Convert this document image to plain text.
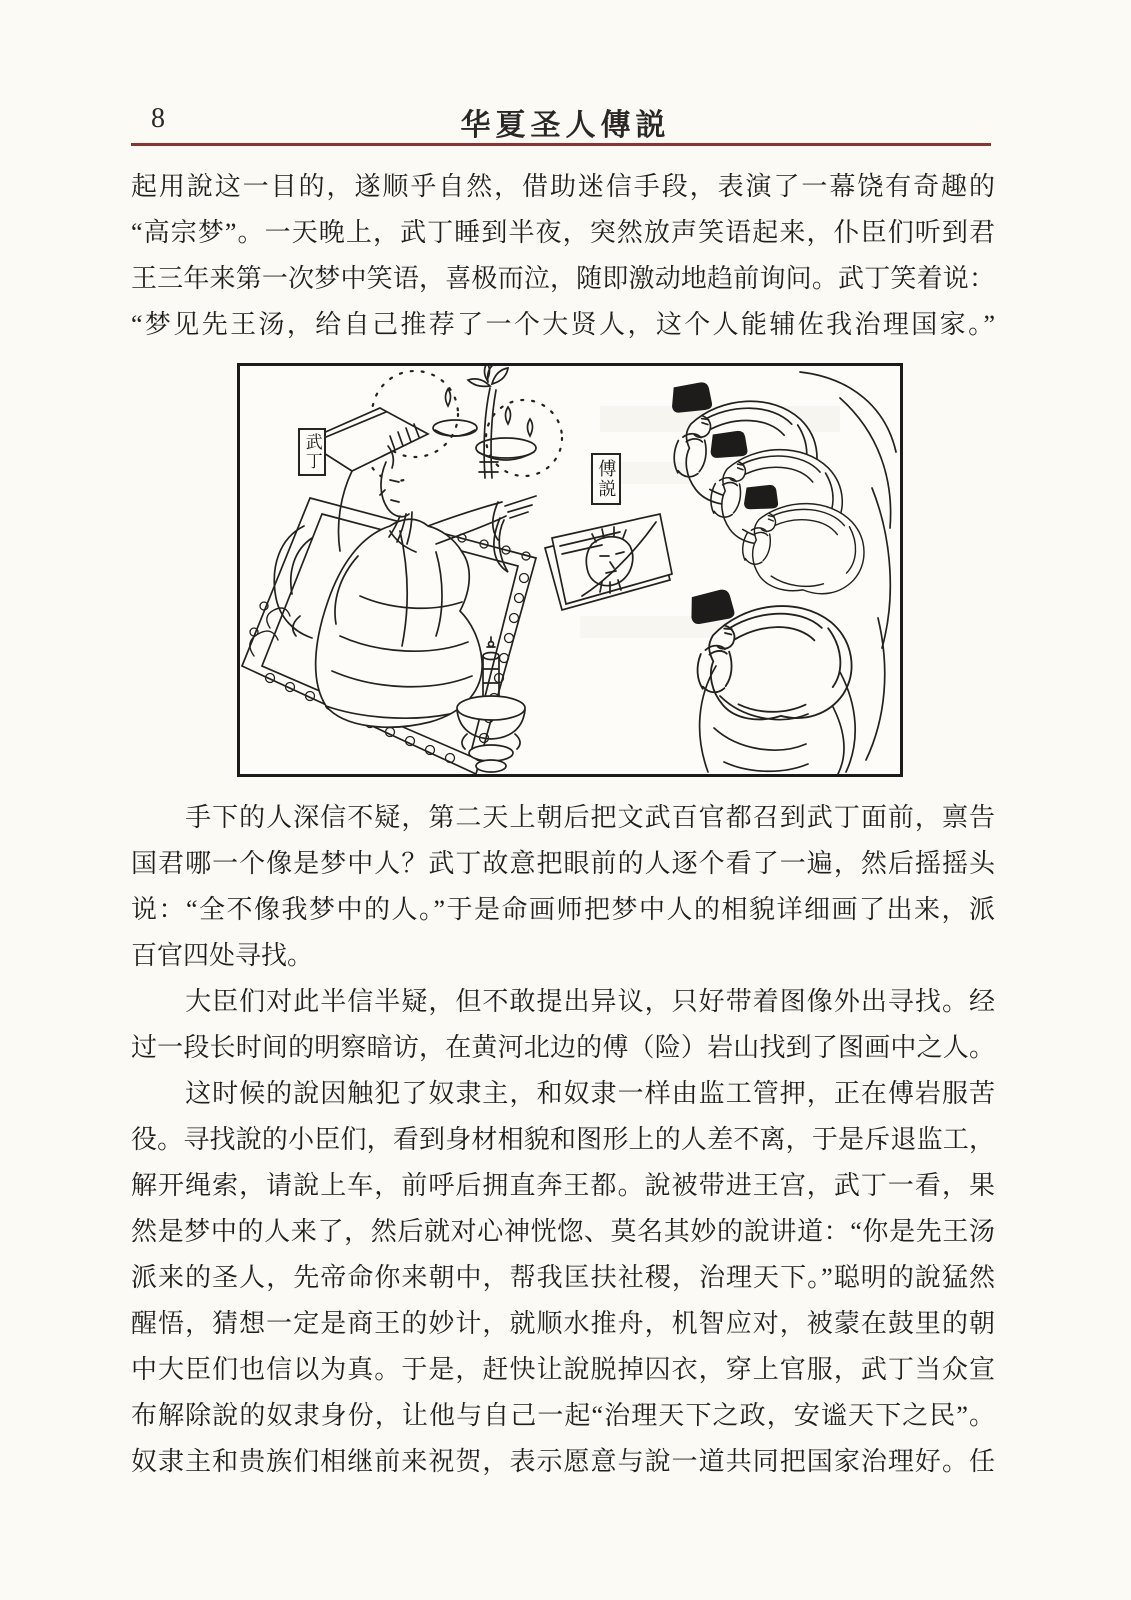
8	华夏圣人傳説
起用說这一目的，遂顺乎自然，借助迷信手段，表演了一幕饶有奇趣的
“高宗梦”。一天晚上，武丁睡到半夜，突然放声笑语起来，仆臣们听到君
王三年来第一次梦中笑语，喜极而泣，随即激动地趋前询问。武丁笑着说：
“梦见先王汤，给自己推荐了一个大贤人，这个人能辅佐我治理国家。”
武丁
傅説
　　手下的人深信不疑，第二天上朝后把文武百官都召到武丁面前，禀告
国君哪一个像是梦中人？武丁故意把眼前的人逐个看了一遍，然后摇摇头
说：“全不像我梦中的人。”于是命画师把梦中人的相貌详细画了出来，派
百官四处寻找。
　　大臣们对此半信半疑，但不敢提出异议，只好带着图像外出寻找。经
过一段长时间的明察暗访，在黄河北边的傅（险）岩山找到了图画中之人。
　　这时候的說因触犯了奴隶主，和奴隶一样由监工管押，正在傅岩服苦
役。寻找說的小臣们，看到身材相貌和图形上的人差不离，于是斥退监工，
解开绳索，请說上车，前呼后拥直奔王都。說被带进王宫，武丁一看，果
然是梦中的人来了，然后就对心神恍惚、莫名其妙的說讲道：“你是先王汤
派来的圣人，先帝命你来朝中，帮我匡扶社稷，治理天下。”聪明的說猛然
醒悟，猜想一定是商王的妙计，就顺水推舟，机智应对，被蒙在鼓里的朝
中大臣们也信以为真。于是，赶快让說脱掉囚衣，穿上官服，武丁当众宣
布解除說的奴隶身份，让他与自己一起“治理天下之政，安谧天下之民”。
奴隶主和贵族们相继前来祝贺，表示愿意与說一道共同把国家治理好。任
